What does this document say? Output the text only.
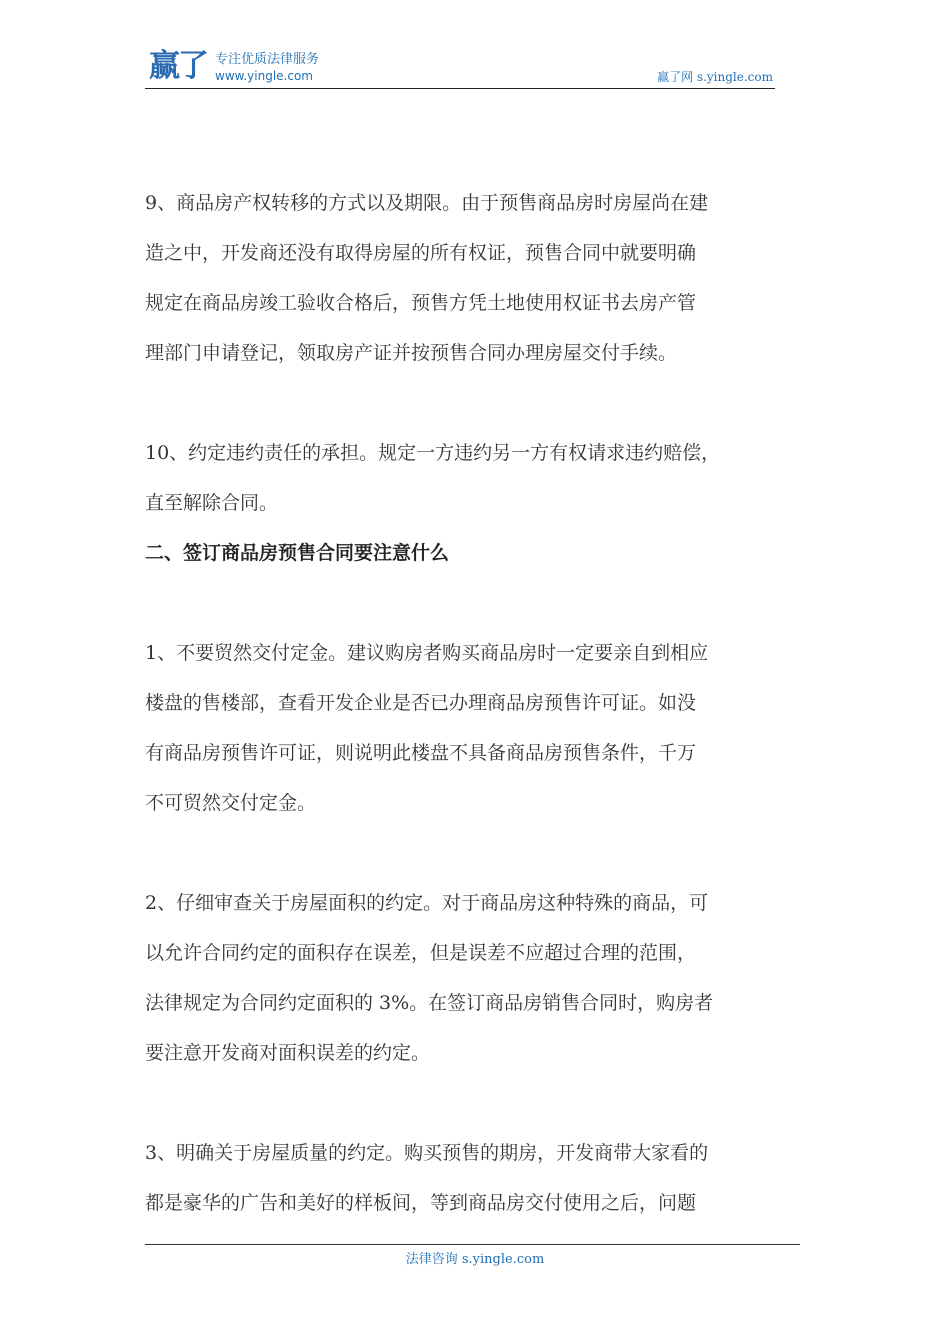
赢了 专注优质法律服务
www.yingle.com	赢了网 s.yingle.com

9、商品房产权转移的方式以及期限。由于预售商品房时房屋尚在建

造之中，开发商还没有取得房屋的所有权证，预售合同中就要明确

规定在商品房竣工验收合格后，预售方凭土地使用权证书去房产管

理部门申请登记，领取房产证并按预售合同办理房屋交付手续。

10、约定违约责任的承担。规定一方违约另一方有权请求违约赔偿，

直至解除合同。

二、签订商品房预售合同要注意什么

1、不要贸然交付定金。建议购房者购买商品房时一定要亲自到相应

楼盘的售楼部，查看开发企业是否已办理商品房预售许可证。如没

有商品房预售许可证，则说明此楼盘不具备商品房预售条件，千万

不可贸然交付定金。

2、仔细审查关于房屋面积的约定。对于商品房这种特殊的商品，可

以允许合同约定的面积存在误差，但是误差不应超过合理的范围，

法律规定为合同约定面积的 3%。在签订商品房销售合同时，购房者

要注意开发商对面积误差的约定。

3、明确关于房屋质量的约定。购买预售的期房，开发商带大家看的

都是豪华的广告和美好的样板间，等到商品房交付使用之后，问题

法律咨询 s.yingle.com
